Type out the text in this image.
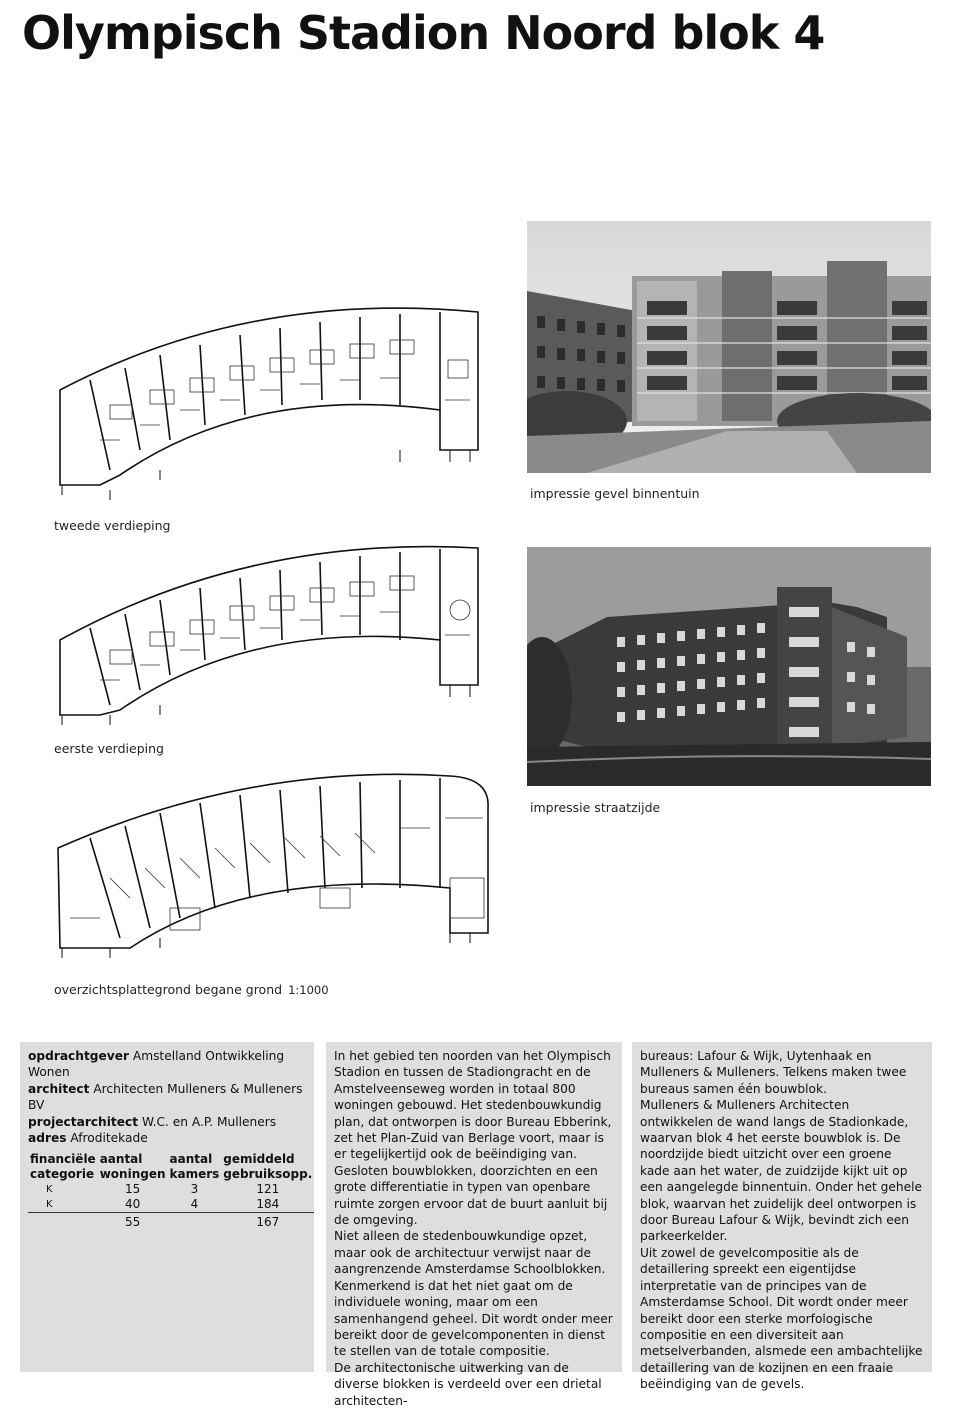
Olympisch Stadion Noord blok 4
tweede verdieping
eerste verdieping
overzichtsplattegrond begane grond 1:1000
impressie gevel binnentuin
impressie straatzijde
opdrachtgever Amstelland Ontwikkeling Wonen
architect Architecten Mulleners & Mulleners BV
projectarchitect W.C. en A.P. Mulleners
adres Afroditekade
financiële categorie	aantal woningen	aantal kamers	gemiddeld gebruiksopp.
K	15	3	121
K	40	4	184
	55		167

In het gebied ten noorden van het Olympisch Stadion en tussen de Stadiongracht en de Amstelveenseweg worden in totaal 800 woningen gebouwd. Het stedenbouwkundig plan, dat ontworpen is door Bureau Ebberink, zet het Plan-Zuid van Berlage voort, maar is er tegelijkertijd ook de beëindiging van. Gesloten bouwblokken, doorzichten en een grote differentiatie in typen van openbare ruimte zorgen ervoor dat de buurt aanluit bij de omgeving.
Niet alleen de stedenbouwkundige opzet, maar ook de architectuur verwijst naar de aangrenzende Amsterdamse Schoolblokken. Kenmerkend is dat het niet gaat om de individuele woning, maar om een samenhangend geheel. Dit wordt onder meer bereikt door de gevelcomponenten in dienst te stellen van de totale compositie.
De architectonische uitwerking van de diverse blokken is verdeeld over een drietal architecten-

bureaus: Lafour & Wijk, Uytenhaak en Mulleners & Mulleners. Telkens maken twee bureaus samen één bouwblok.
Mulleners & Mulleners Architecten ontwikkelen de wand langs de Stadionkade, waarvan blok 4 het eerste bouwblok is. De noordzijde biedt uitzicht over een groene kade aan het water, de zuidzijde kijkt uit op een aangelegde binnentuin. Onder het gehele blok, waarvan het zuidelijk deel ontworpen is door Bureau Lafour & Wijk, bevindt zich een parkeerkelder.
Uit zowel de gevelcompositie als de detaillering spreekt een eigentijdse interpretatie van de principes van de Amsterdamse School. Dit wordt onder meer bereikt door een sterke morfologische compositie en een diversiteit aan metselverbanden, alsmede een ambachtelijke detaillering van de kozijnen en een fraaie beëindiging van de gevels.
